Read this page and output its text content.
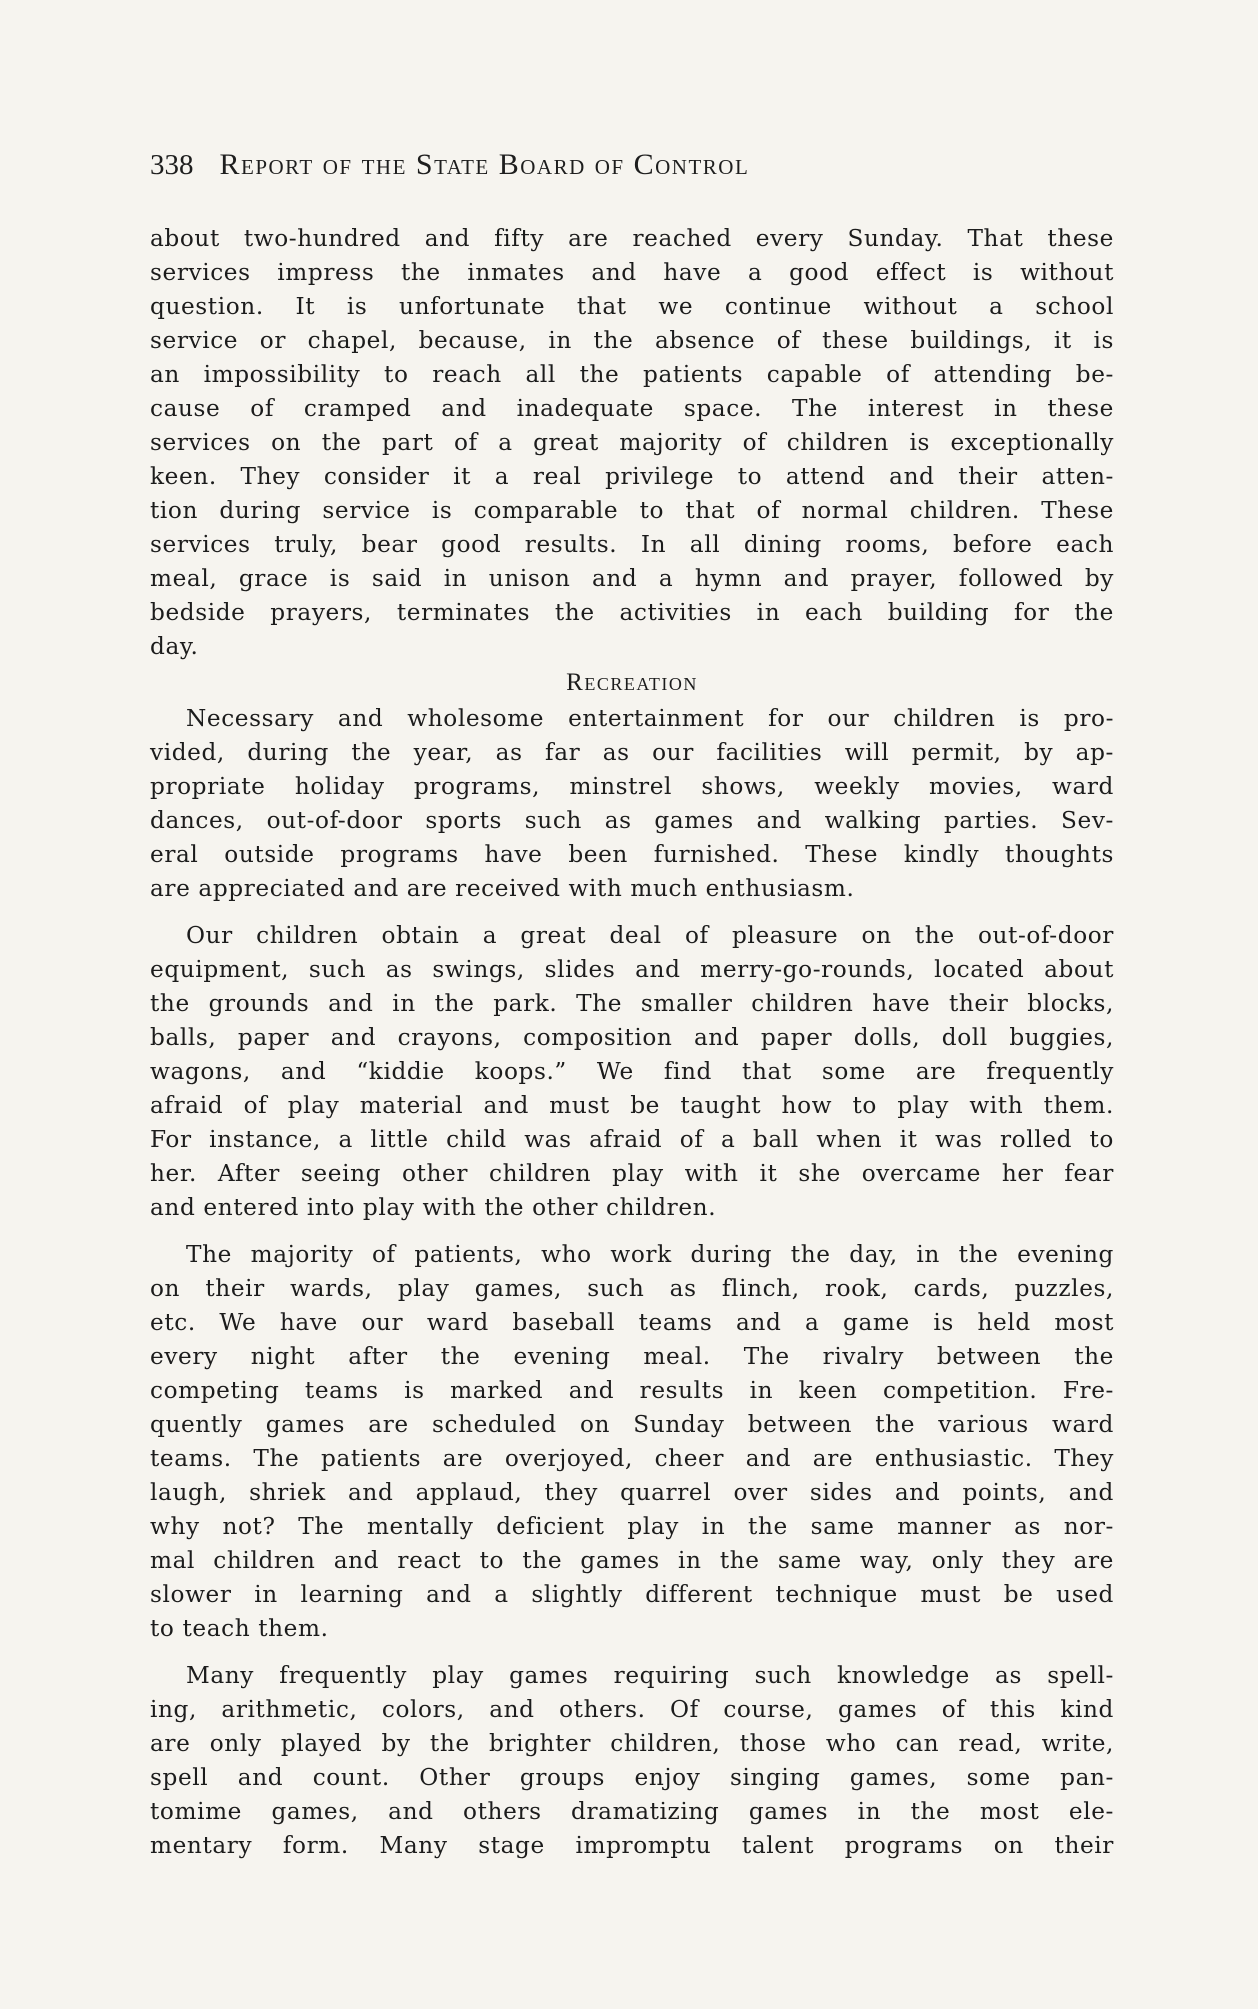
338 Report of the State Board of Control
about two-hundred and fifty are reached every Sunday. That these
services impress the inmates and have a good effect is without
question. It is unfortunate that we continue without a school
service or chapel, because, in the absence of these buildings, it is
an impossibility to reach all the patients capable of attending be-
cause of cramped and inadequate space. The interest in these
services on the part of a great majority of children is exceptionally
keen. They consider it a real privilege to attend and their atten-
tion during service is comparable to that of normal children. These
services truly, bear good results. In all dining rooms, before each
meal, grace is said in unison and a hymn and prayer, followed by
bedside prayers, terminates the activities in each building for the
day.
Recreation
Necessary and wholesome entertainment for our children is pro-
vided, during the year, as far as our facilities will permit, by ap-
propriate holiday programs, minstrel shows, weekly movies, ward
dances, out-of-door sports such as games and walking parties. Sev-
eral outside programs have been furnished. These kindly thoughts
are appreciated and are received with much enthusiasm.
Our children obtain a great deal of pleasure on the out-of-door
equipment, such as swings, slides and merry-go-rounds, located about
the grounds and in the park. The smaller children have their blocks,
balls, paper and crayons, composition and paper dolls, doll buggies,
wagons, and “kiddie koops.” We find that some are frequently
afraid of play material and must be taught how to play with them.
For instance, a little child was afraid of a ball when it was rolled to
her. After seeing other children play with it she overcame her fear
and entered into play with the other children.
The majority of patients, who work during the day, in the evening
on their wards, play games, such as flinch, rook, cards, puzzles,
etc. We have our ward baseball teams and a game is held most
every night after the evening meal. The rivalry between the
competing teams is marked and results in keen competition. Fre-
quently games are scheduled on Sunday between the various ward
teams. The patients are overjoyed, cheer and are enthusiastic. They
laugh, shriek and applaud, they quarrel over sides and points, and
why not? The mentally deficient play in the same manner as nor-
mal children and react to the games in the same way, only they are
slower in learning and a slightly different technique must be used
to teach them.
Many frequently play games requiring such knowledge as spell-
ing, arithmetic, colors, and others. Of course, games of this kind
are only played by the brighter children, those who can read, write,
spell and count. Other groups enjoy singing games, some pan-
tomime games, and others dramatizing games in the most ele-
mentary form. Many stage impromptu talent programs on their
